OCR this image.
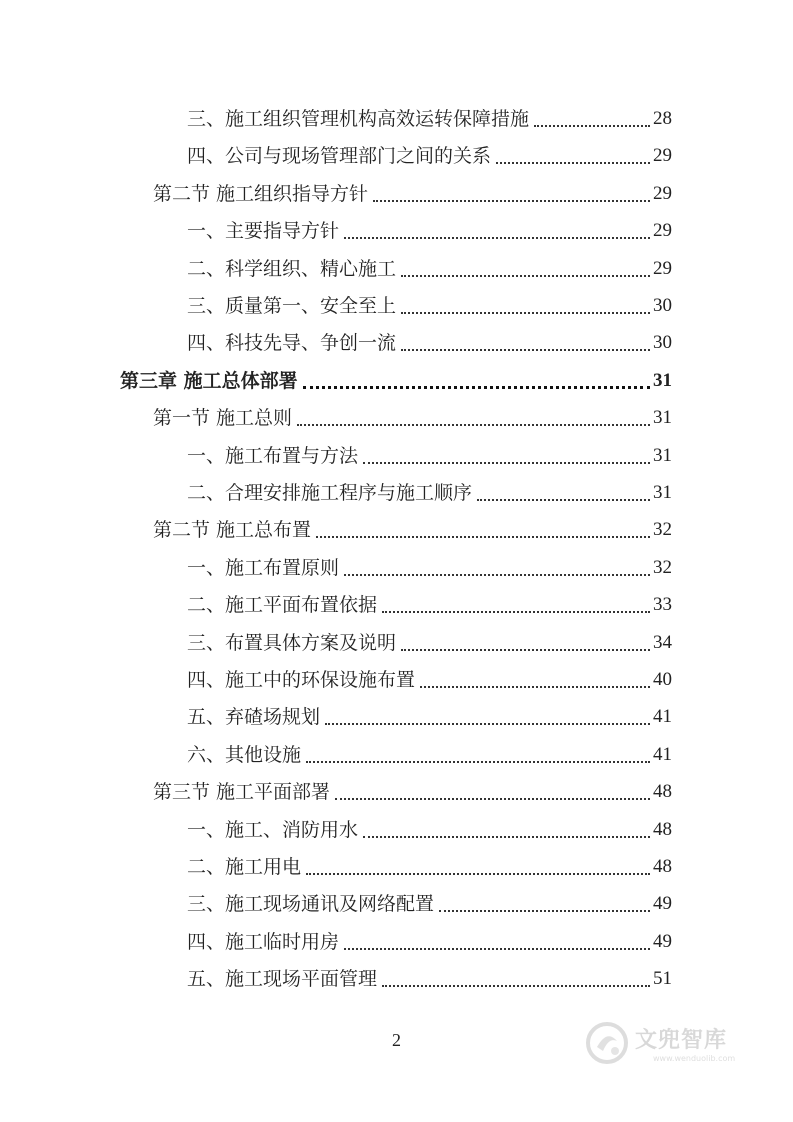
三、施工组织管理机构高效运转保障措施	28
四、公司与现场管理部门之间的关系	29
第二节 施工组织指导方针	29
一、主要指导方针	29
二、科学组织、精心施工	29
三、质量第一、安全至上	30
四、科技先导、争创一流	30
第三章 施工总体部署	31
第一节 施工总则	31
一、施工布置与方法	31
二、合理安排施工程序与施工顺序	31
第二节 施工总布置	32
一、施工布置原则	32
二、施工平面布置依据	33
三、布置具体方案及说明	34
四、施工中的环保设施布置	40
五、弃碴场规划	41
六、其他设施	41
第三节 施工平面部署	48
一、施工、消防用水	48
二、施工用电	48
三、施工现场通讯及网络配置	49
四、施工临时用房	49
五、施工现场平面管理	51
2	文兜智库
www.wenduolib.com
